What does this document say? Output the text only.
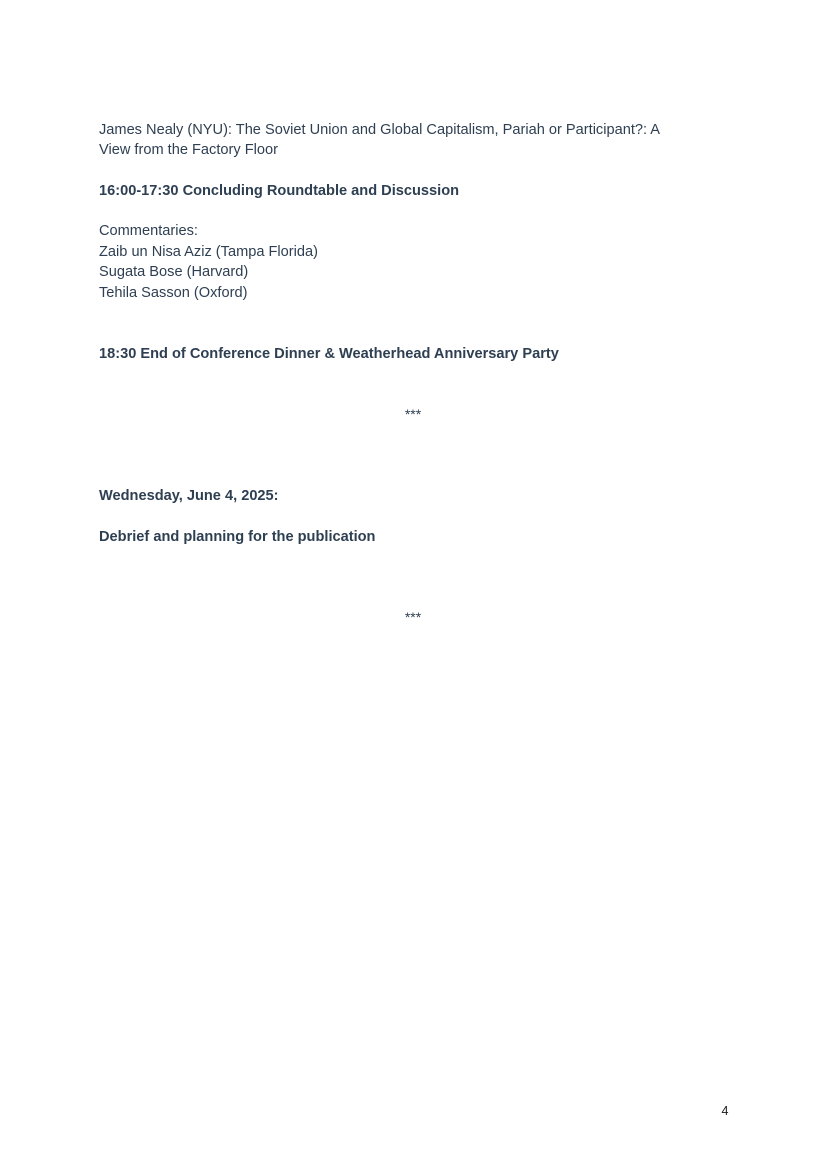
James Nealy (NYU): The Soviet Union and Global Capitalism, Pariah or Participant?: A
View from the Factory Floor
16:00-17:30 Concluding Roundtable and Discussion
Commentaries:
Zaib un Nisa Aziz (Tampa Florida)
Sugata Bose (Harvard)
Tehila Sasson (Oxford)
18:30 End of Conference Dinner & Weatherhead Anniversary Party
***
Wednesday, June 4, 2025:
Debrief and planning for the publication
***
4
